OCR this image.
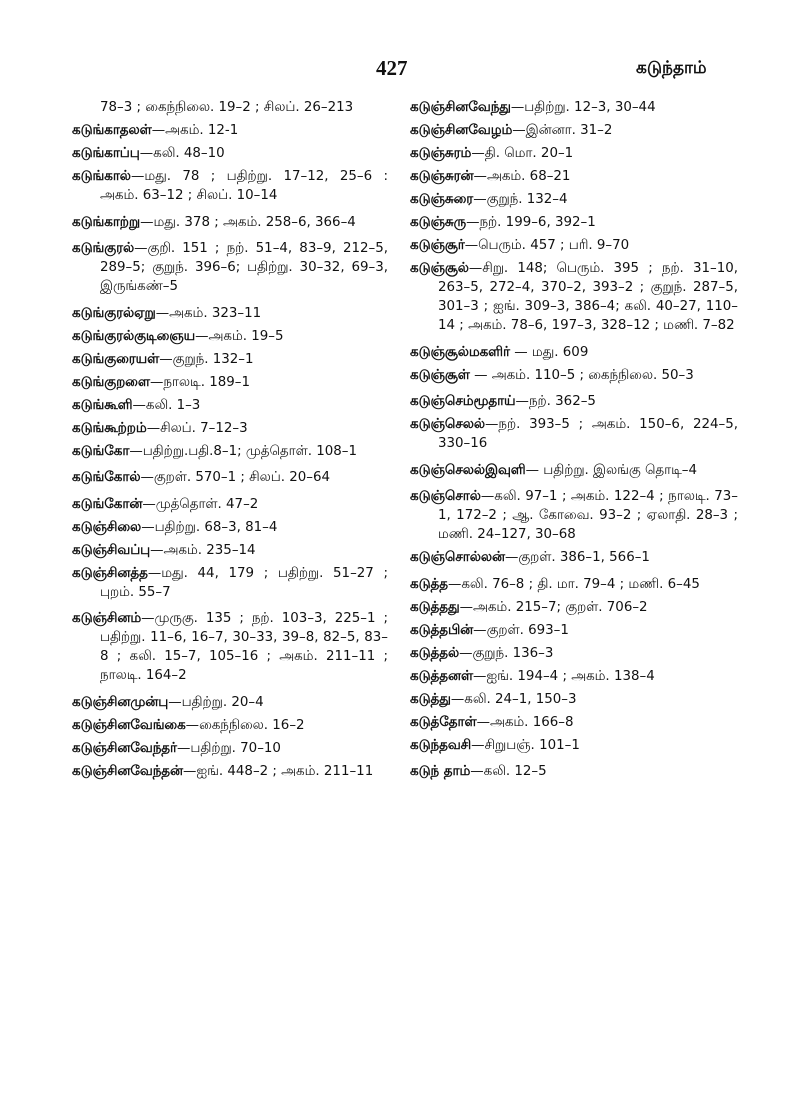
427	கடுந்தாம்

78–3 ; கைந்நிலை. 19–2 ; சிலப். 26–213

கடுங்காதலள்—அகம். 12-1

கடுங்காப்பு—கலி. 48–10

கடுங்கால்—மது. 78 ; பதிற்று. 17–12, 25–6 : அகம். 63–12 ; சிலப். 10–14

கடுங்காற்று—மது. 378 ; அகம். 258–6, 366–4

கடுங்குரல்—குறி. 151 ; நற். 51–4, 83–9, 212–5, 289–5; குறுந். 396–6; பதிற்று. 30–32, 69–3, இருங்கண்–5

கடுங்குரல்ஏறு—அகம். 323–11

கடுங்குரல்குடிஞைய—அகம். 19–5

கடுங்குரையள்—குறுந். 132–1

கடுங்குறளை—நாலடி. 189–1

கடுங்கூளி—கலி. 1–3

கடுங்கூற்றம்—சிலப். 7–12–3

கடுங்கோ—பதிற்று.பதி.8–1; முத்தொள். 108–1

கடுங்கோல்—குறள். 570–1 ; சிலப். 20–64

கடுங்கோன்—முத்தொள். 47–2

கடுஞ்சிலை—பதிற்று. 68–3, 81–4

கடுஞ்சிவப்பு—அகம். 235–14

கடுஞ்சினத்த—மது. 44, 179 ; பதிற்று. 51–27 ; புறம். 55–7

கடுஞ்சினம்—முருகு. 135 ; நற். 103–3, 225–1 ; பதிற்று. 11–6, 16–7, 30–33, 39–8, 82–5, 83–8 ; கலி. 15–7, 105–16 ; அகம். 211–11 ; நாலடி. 164–2

கடுஞ்சினமுன்பு—பதிற்று. 20–4

கடுஞ்சினவேங்கை—கைந்நிலை. 16–2

கடுஞ்சினவேந்தர்—பதிற்று. 70–10

கடுஞ்சினவேந்தன்—ஐங். 448–2 ; அகம். 211–11

கடுஞ்சினவேந்து—பதிற்று. 12–3, 30–44

கடுஞ்சினவேழம்—இன்னா. 31–2

கடுஞ்சுரம்—தி. மொ. 20–1

கடுஞ்சுரன்—அகம். 68–21

கடுஞ்சுரை—குறுந். 132–4

கடுஞ்சுரு—நற். 199–6, 392–1

கடுஞ்சூர்—பெரும். 457 ; பரி. 9–70

கடுஞ்சூல்—சிறு. 148; பெரும். 395 ; நற். 31–10, 263–5, 272–4, 370–2, 393–2 ; குறுந். 287–5, 301–3 ; ஐங். 309–3, 386–4; கலி. 40–27, 110–14 ; அகம். 78–6, 197–3, 328–12 ; மணி. 7–82

கடுஞ்சூல்மகளிர் — மது. 609

கடுஞ்சூள் — அகம். 110–5 ; கைந்நிலை. 50–3

கடுஞ்செம்மூதாய்—நற். 362–5

கடுஞ்செலல்—நற். 393–5 ; அகம். 150–6, 224–5, 330–16

கடுஞ்செலல்இவுளி— பதிற்று. இலங்கு தொடி–4

கடுஞ்சொல்—கலி. 97–1 ; அகம். 122–4 ; நாலடி. 73–1, 172–2 ; ஆ. கோவை. 93–2 ; ஏலாதி. 28–3 ; மணி. 24–127, 30–68

கடுஞ்சொல்லன்—குறள். 386–1, 566–1

கடுத்த—கலி. 76–8 ; தி. மா. 79–4 ; மணி. 6–45

கடுத்தது—அகம். 215–7; குறள். 706–2

கடுத்தபின்—குறள். 693–1

கடுத்தல்—குறுந். 136–3

கடுத்தனள்—ஐங். 194–4 ; அகம். 138–4

கடுத்து—கலி. 24–1, 150–3

கடுத்தோள்—அகம். 166–8

கடுந்தவசி—சிறுபஞ். 101–1

கடுந் தாம்—கலி. 12–5
